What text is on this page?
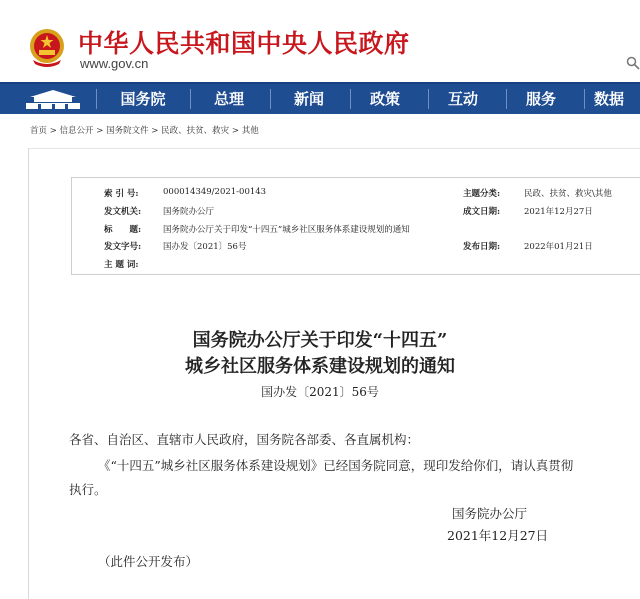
中华人民共和国中央人民政府
www.gov.cn
国务院	总理	新闻	政策	互动	服务	数据
首页 > 信息公开 > 国务院文件 > 民政、扶贫、救灾 > 其他
索 引 号:	000014349/2021-00143
发文机关:	国务院办公厅
标　　题:	国务院办公厅关于印发“十四五”城乡社区服务体系建设规划的通知
发文字号:	国办发〔2021〕56号
主 题 词:
主题分类:	民政、扶贫、救灾\其他
成文日期:	2021年12月27日
发布日期:	2022年01月21日
国务院办公厅关于印发“十四五”
城乡社区服务体系建设规划的通知
国办发〔2021〕56号
各省、自治区、直辖市人民政府，国务院各部委、各直属机构：
《“十四五”城乡社区服务体系建设规划》已经国务院同意，现印发给你们，请认真贯彻
执行。
国务院办公厅
2021年12月27日
（此件公开发布）
